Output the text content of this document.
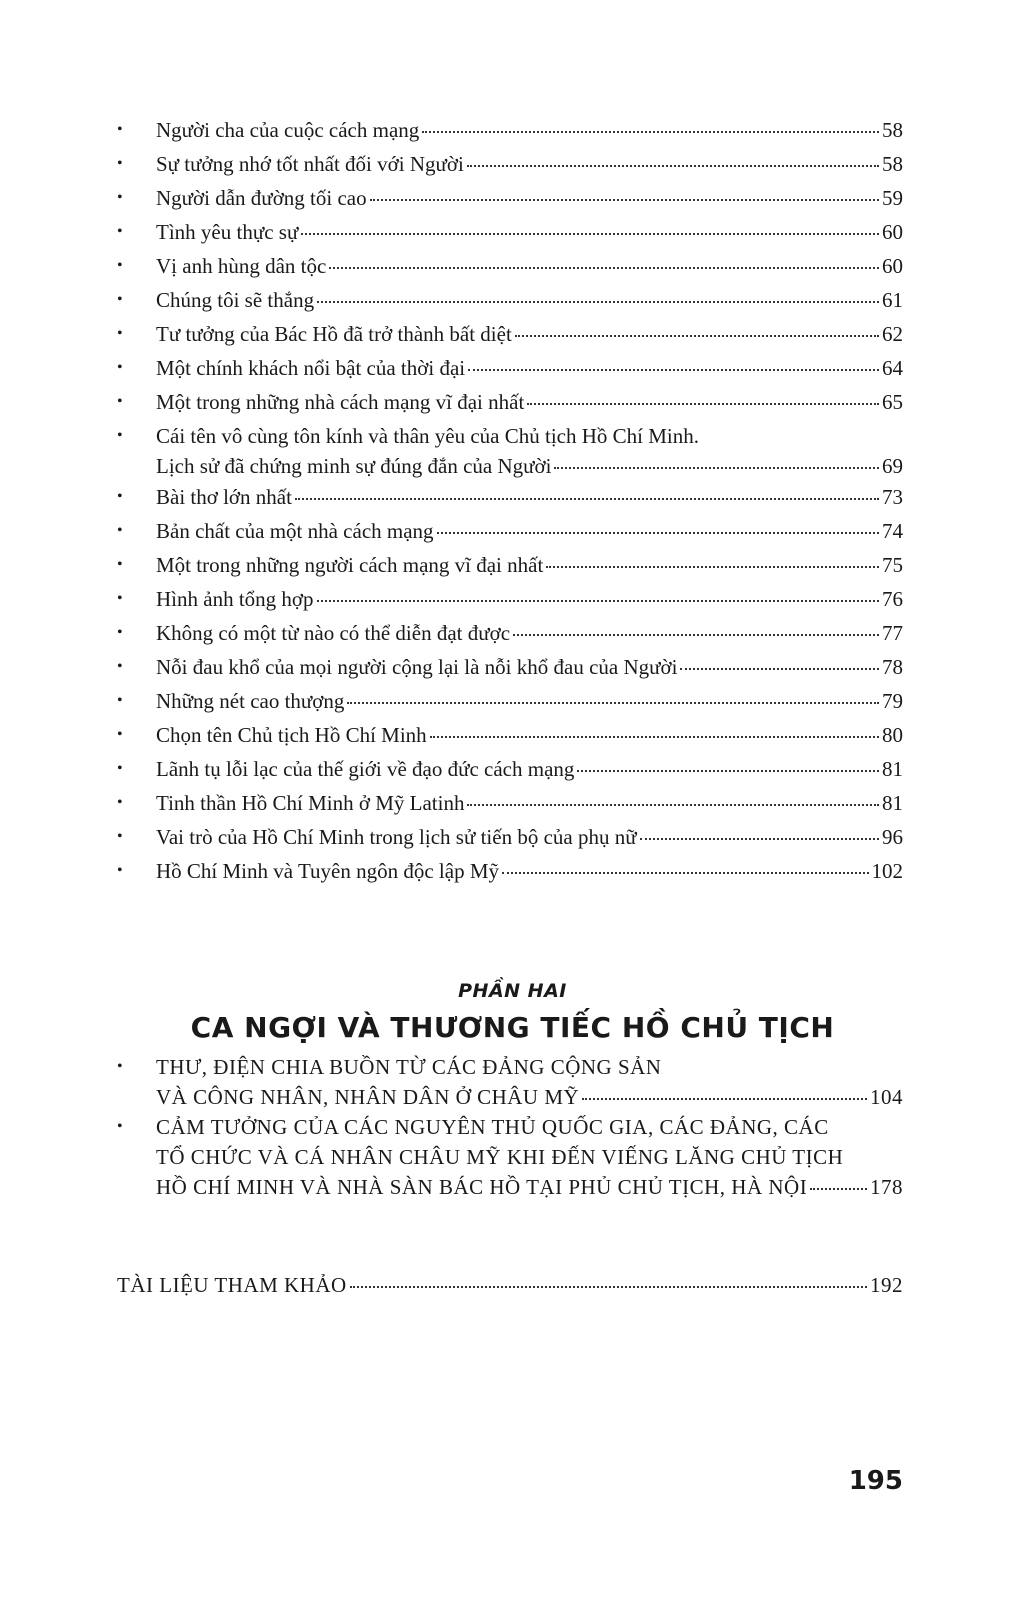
•	Người cha của cuộc cách mạng	58
•	Sự tưởng nhớ tốt nhất đối với Người	58
•	Người dẫn đường tối cao	59
•	Tình yêu thực sự	60
•	Vị anh hùng dân tộc	60
•	Chúng tôi sẽ thắng	61
•	Tư tưởng của Bác Hồ đã trở thành bất diệt	62
•	Một chính khách nổi bật của thời đại	64
•	Một trong những nhà cách mạng vĩ đại nhất	65
•	Cái tên vô cùng tôn kính và thân yêu của Chủ tịch Hồ Chí Minh.
Lịch sử đã chứng minh sự đúng đắn của Người	69
•	Bài thơ lớn nhất	73
•	Bản chất của một nhà cách mạng	74
•	Một trong những người cách mạng vĩ đại nhất	75
•	Hình ảnh tổng hợp	76
•	Không có một từ nào có thể diễn đạt được	77
•	Nỗi đau khổ của mọi người cộng lại là nỗi khổ đau của Người	78
•	Những nét cao thượng	79
•	Chọn tên Chủ tịch Hồ Chí Minh	80
•	Lãnh tụ lỗi lạc của thế giới về đạo đức cách mạng	81
•	Tinh thần Hồ Chí Minh ở Mỹ Latinh	81
•	Vai trò của Hồ Chí Minh trong lịch sử tiến bộ của phụ nữ	96
•	Hồ Chí Minh và Tuyên ngôn độc lập Mỹ	102
PHẦN HAI
CA NGỢI VÀ THƯƠNG TIẾC HỒ CHỦ TỊCH
•	THƯ, ĐIỆN CHIA BUỒN TỪ CÁC ĐẢNG CỘNG SẢN
VÀ CÔNG NHÂN, NHÂN DÂN Ở CHÂU MỸ	104
•	CẢM TƯỞNG CỦA CÁC NGUYÊN THỦ QUỐC GIA, CÁC ĐẢNG, CÁC
TỔ CHỨC VÀ CÁ NHÂN CHÂU MỸ KHI ĐẾN VIẾNG LĂNG CHỦ TỊCH
HỒ CHÍ MINH VÀ NHÀ SÀN BÁC HỒ TẠI PHỦ CHỦ TỊCH, HÀ NỘI	178
TÀI LIỆU THAM KHẢO	192
195
